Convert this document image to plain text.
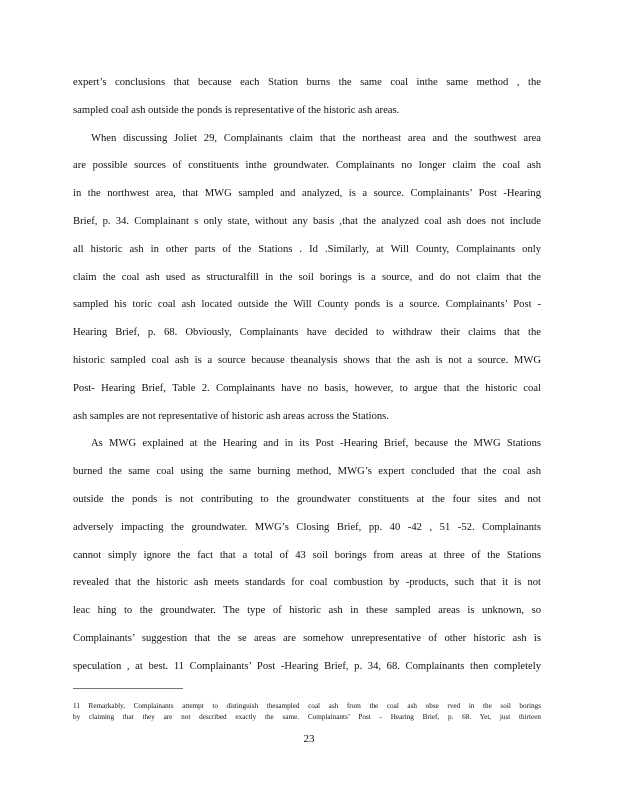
expert’s conclusions that because each Station burns the same coal inthe same method , the
sampled coal ash outside the ponds is representative of the historic ash areas.
When discussing Joliet 29, Complainants claim that the northeast area and the southwest area
are possible sources of constituents inthe groundwater. Complainants no longer claim the coal ash
in the northwest area, that MWG sampled and analyzed, is a source. Complainants’ Post -Hearing
Brief, p. 34. Complainant s only state, without any basis ,that the analyzed coal ash does not include
all historic ash in other parts of the Stations . Id .Similarly, at Will County, Complainants only
claim the coal ash used as structuralfill in the soil borings is a source, and do not claim that the
sampled his toric coal ash located outside the Will County ponds is a source. Complainants’ Post -
Hearing Brief, p. 68. Obviously, Complainants have decided to withdraw their claims that the
historic sampled coal ash is a source because theanalysis shows that the ash is not a source. MWG
Post- Hearing Brief, Table 2. Complainants have no basis, however, to argue that the historic coal
ash samples are not representative of historic ash areas across the Stations.
As MWG explained at the Hearing and in its Post -Hearing Brief, because the MWG Stations
burned the same coal using the same burning method, MWG’s expert concluded that the coal ash
outside the ponds is not contributing to the groundwater constituents at the four sites and not
adversely impacting the groundwater. MWG’s Closing Brief, pp. 40 -42 , 51 -52. Complainants
cannot simply ignore the fact that a total of 43 soil borings from areas at three of the Stations
revealed that the historic ash meets standards for coal combustion by -products, such that it is not
leac hing to the groundwater. The type of historic ash in these sampled areas is unknown, so
Complainants’ suggestion that the se areas are somehow unrepresentative of other historic ash is
speculation , at best. 11 Complainants’ Post -Hearing Brief, p. 34, 68. Complainants then completely
11 Remarkably, Complainants attempt to distinguish thesampled coal ash from the coal ash obse rved in the soil borings
by claiming that they are not described exactly the same. Complainants’ Post - Hearing Brief, p. 68. Yet, just thirteen
23
